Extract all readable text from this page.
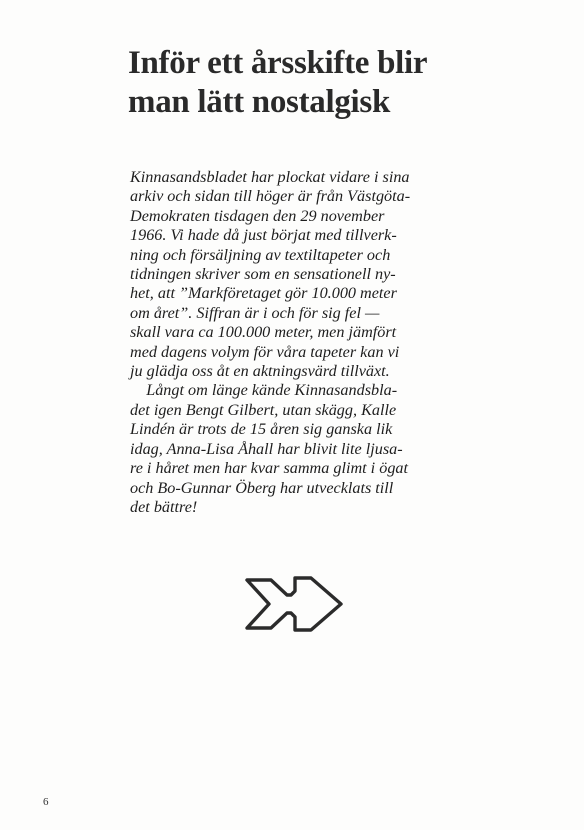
Inför ett årsskifte blir
man lätt nostalgisk
Kinnasandsbladet har plockat vidare i sina
arkiv och sidan till höger är från Västgöta-
Demokraten tisdagen den 29 november
1966. Vi hade då just börjat med tillverk-
ning och försäljning av textiltapeter och
tidningen skriver som en sensationell ny-
het, att ”Markföretaget gör 10.000 meter
om året”. Siffran är i och för sig fel —
skall vara ca 100.000 meter, men jämfört
med dagens volym för våra tapeter kan vi
ju glädja oss åt en aktningsvärd tillväxt.
Långt om länge kände Kinnasandsbla-
det igen Bengt Gilbert, utan skägg, Kalle
Lindén är trots de 15 åren sig ganska lik
idag, Anna-Lisa Åhall har blivit lite ljusa-
re i håret men har kvar samma glimt i ögat
och Bo-Gunnar Öberg har utvecklats till
det bättre!
6
